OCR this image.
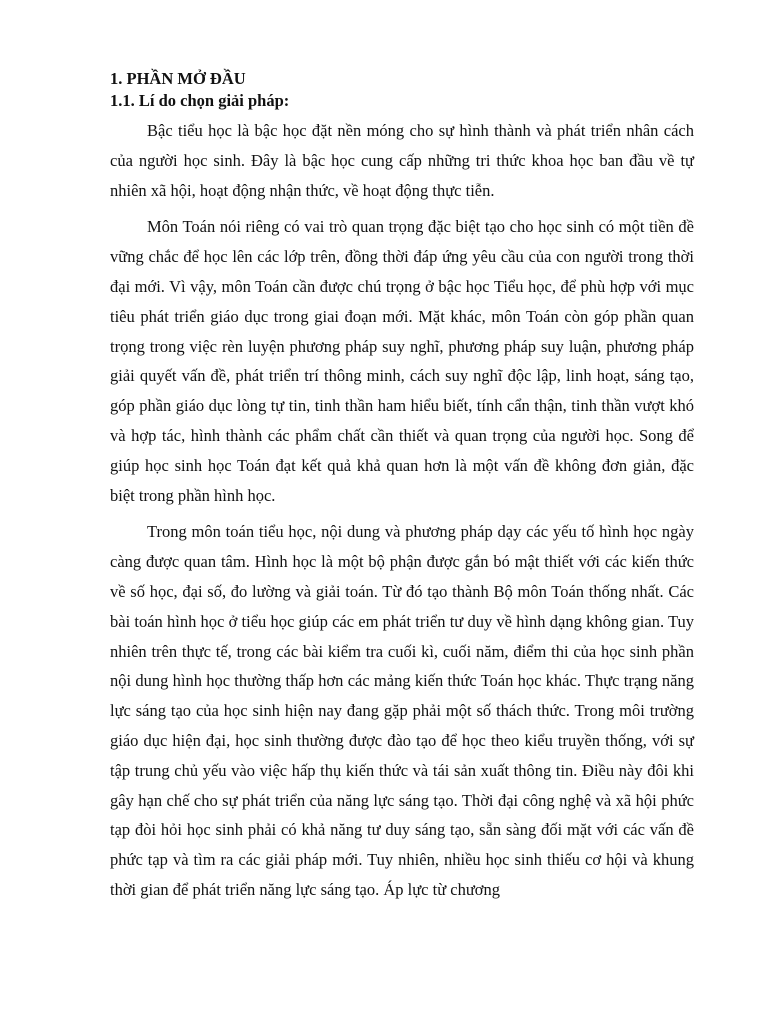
1. PHẦN MỞ ĐẦU
1.1. Lí do chọn giải pháp:

Bậc tiểu học là bậc học đặt nền móng cho sự hình thành và phát triển nhân cách của người học sinh. Đây là bậc học cung cấp những tri thức khoa học ban đầu về tự nhiên xã hội, hoạt động nhận thức, về hoạt động thực tiễn.

Môn Toán nói riêng có vai trò quan trọng đặc biệt tạo cho học sinh có một tiền đề vững chắc để học lên các lớp trên, đồng thời đáp ứng yêu cầu của con người trong thời đại mới. Vì vậy, môn Toán cần được chú trọng ở bậc học Tiểu học, để phù hợp với mục tiêu phát triển giáo dục trong giai đoạn mới. Mặt khác, môn Toán còn góp phần quan trọng trong việc rèn luyện phương pháp suy nghĩ, phương pháp suy luận, phương pháp giải quyết vấn đề, phát triển trí thông minh, cách suy nghĩ độc lập, linh hoạt, sáng tạo, góp phần giáo dục lòng tự tin, tinh thần ham hiểu biết, tính cẩn thận, tinh thần vượt khó và hợp tác, hình thành các phẩm chất cần thiết và quan trọng của người học. Song để giúp học sinh học Toán đạt kết quả khả quan hơn là một vấn đề không đơn giản, đặc biệt trong phần hình học.

Trong môn toán tiểu học, nội dung và phương pháp dạy các yếu tố hình học ngày càng được quan tâm. Hình học là một bộ phận được gắn bó mật thiết với các kiến thức về số học, đại số, đo lường và giải toán. Từ đó tạo thành Bộ môn Toán thống nhất. Các bài toán hình học ở tiểu học giúp các em phát triển tư duy về hình dạng không gian. Tuy nhiên trên thực tế, trong các bài kiểm tra cuối kì, cuối năm, điểm thi của học sinh phần nội dung hình học thường thấp hơn các mảng kiến thức Toán học khác. Thực trạng năng lực sáng tạo của học sinh hiện nay đang gặp phải một số thách thức. Trong môi trường giáo dục hiện đại, học sinh thường được đào tạo để học theo kiểu truyền thống, với sự tập trung chủ yếu vào việc hấp thụ kiến thức và tái sản xuất thông tin. Điều này đôi khi gây hạn chế cho sự phát triển của năng lực sáng tạo. Thời đại công nghệ và xã hội phức tạp đòi hỏi học sinh phải có khả năng tư duy sáng tạo, sẵn sàng đối mặt với các vấn đề phức tạp và tìm ra các giải pháp mới. Tuy nhiên, nhiều học sinh thiếu cơ hội và khung thời gian để phát triển năng lực sáng tạo. Áp lực từ chương
